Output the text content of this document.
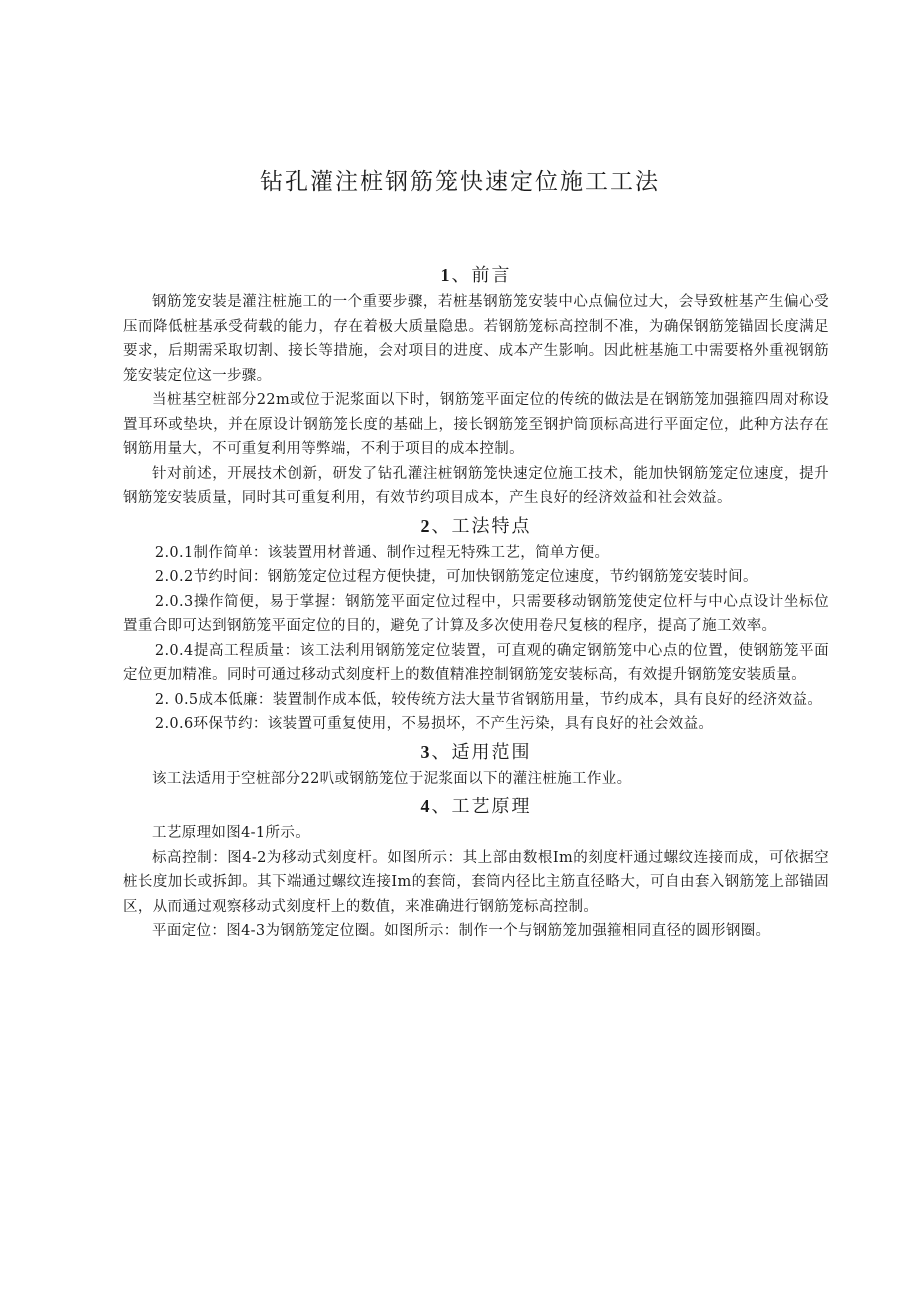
钻孔灌注桩钢筋笼快速定位施工工法
1、前言

钢筋笼安装是灌注桩施工的一个重要步骤，若桩基钢筋笼安装中心点偏位过大，会导致桩基产生偏心受压而降低桩基承受荷载的能力，存在着极大质量隐患。若钢筋笼标高控制不准，为确保钢筋笼锚固长度满足要求，后期需采取切割、接长等措施，会对项目的进度、成本产生影响。因此桩基施工中需要格外重视钢筋笼安装定位这一步骤。

当桩基空桩部分22m或位于泥浆面以下时，钢筋笼平面定位的传统的做法是在钢筋笼加强箍四周对称设置耳环或垫块，并在原设计钢筋笼长度的基础上，接长钢筋笼至钢护筒顶标高进行平面定位，此种方法存在钢筋用量大，不可重复利用等弊端，不利于项目的成本控制。

针对前述，开展技术创新，研发了钻孔灌注桩钢筋笼快速定位施工技术，能加快钢筋笼定位速度，提升钢筋笼安装质量，同时其可重复利用，有效节约项目成本，产生良好的经济效益和社会效益。

2、工法特点

2.0.1制作简单：该装置用材普通、制作过程无特殊工艺，简单方便。

2.0.2节约时间：钢筋笼定位过程方便快捷，可加快钢筋笼定位速度，节约钢筋笼安装时间。

2.0.3操作简便，易于掌握：钢筋笼平面定位过程中，只需要移动钢筋笼使定位杆与中心点设计坐标位置重合即可达到钢筋笼平面定位的目的，避免了计算及多次使用卷尺复核的程序，提高了施工效率。

2.0.4提高工程质量：该工法利用钢筋笼定位装置，可直观的确定钢筋笼中心点的位置，使钢筋笼平面定位更加精准。同时可通过移动式刻度杆上的数值精准控制钢筋笼安装标高，有效提升钢筋笼安装质量。

2. 0.5成本低廉：装置制作成本低，较传统方法大量节省钢筋用量，节约成本，具有良好的经济效益。

2.0.6环保节约：该装置可重复使用，不易损坏，不产生污染，具有良好的社会效益。

3、适用范围

该工法适用于空桩部分22叭或钢筋笼位于泥浆面以下的灌注桩施工作业。

4、工艺原理

工艺原理如图4-1所示。

标高控制：图4-2为移动式刻度杆。如图所示：其上部由数根Im的刻度杆通过螺纹连接而成，可依据空桩长度加长或拆卸。其下端通过螺纹连接Im的套筒，套筒内径比主筋直径略大，可自由套入钢筋笼上部锚固区，从而通过观察移动式刻度杆上的数值，来准确进行钢筋笼标高控制。

平面定位：图4-3为钢筋笼定位圈。如图所示：制作一个与钢筋笼加强箍相同直径的圆形钢圈。
